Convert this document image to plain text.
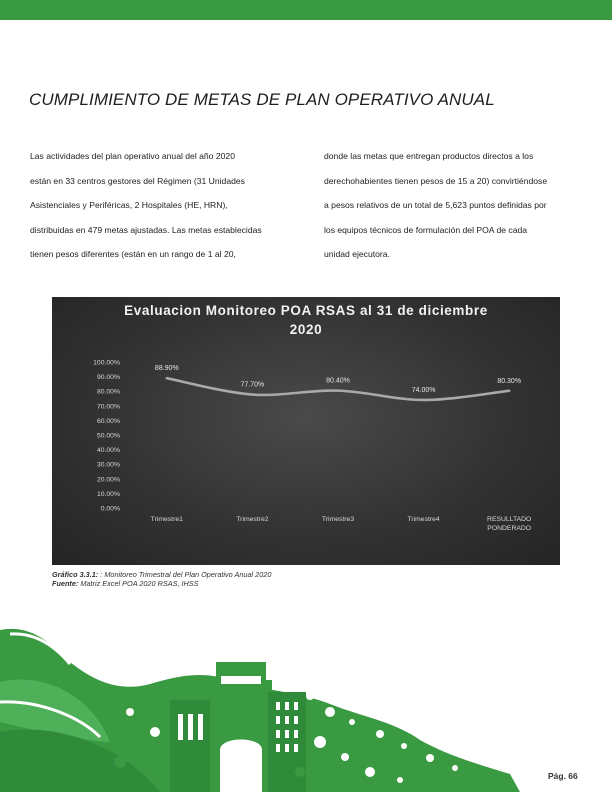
CUMPLIMIENTO DE METAS DE PLAN OPERATIVO ANUAL
Las actividades del plan operativo anual del año 2020
están en 33 centros gestores del Régimen (31 Unidades
Asistenciales y Periféricas, 2 Hospitales (HE, HRN),
distribuidas en 479 metas ajustadas. Las metas establecidas
tienen pesos diferentes (están en un rango de 1 al 20,
donde las metas que entregan productos directos a los
derechohabientes tienen pesos de 15 a 20) convirtiéndose
a pesos relativos de un total de 5,623 puntos definidas por
los equipos técnicos de formulación del POA de cada
unidad ejecutora.
Evaluacion Monitoreo POA RSAS al 31 de diciembre
2020
0.00%
10.00%
20.00%
30.00%
40.00%
50.00%
60.00%
70.00%
80.00%
90.00%
100.00%
Trimestre1	Trimestre2	Trimestre3	Trimestre4	RESULLTADO
PONDERADO
88.90%
77.70%
80.40%
74.00%
80.30%
Gráfico 3.3.1: : Monitoreo Trimestral del Plan Operativo Anual 2020
Fuente: Matriz Excel POA 2020 RSAS, IHSS
Pág. 66
